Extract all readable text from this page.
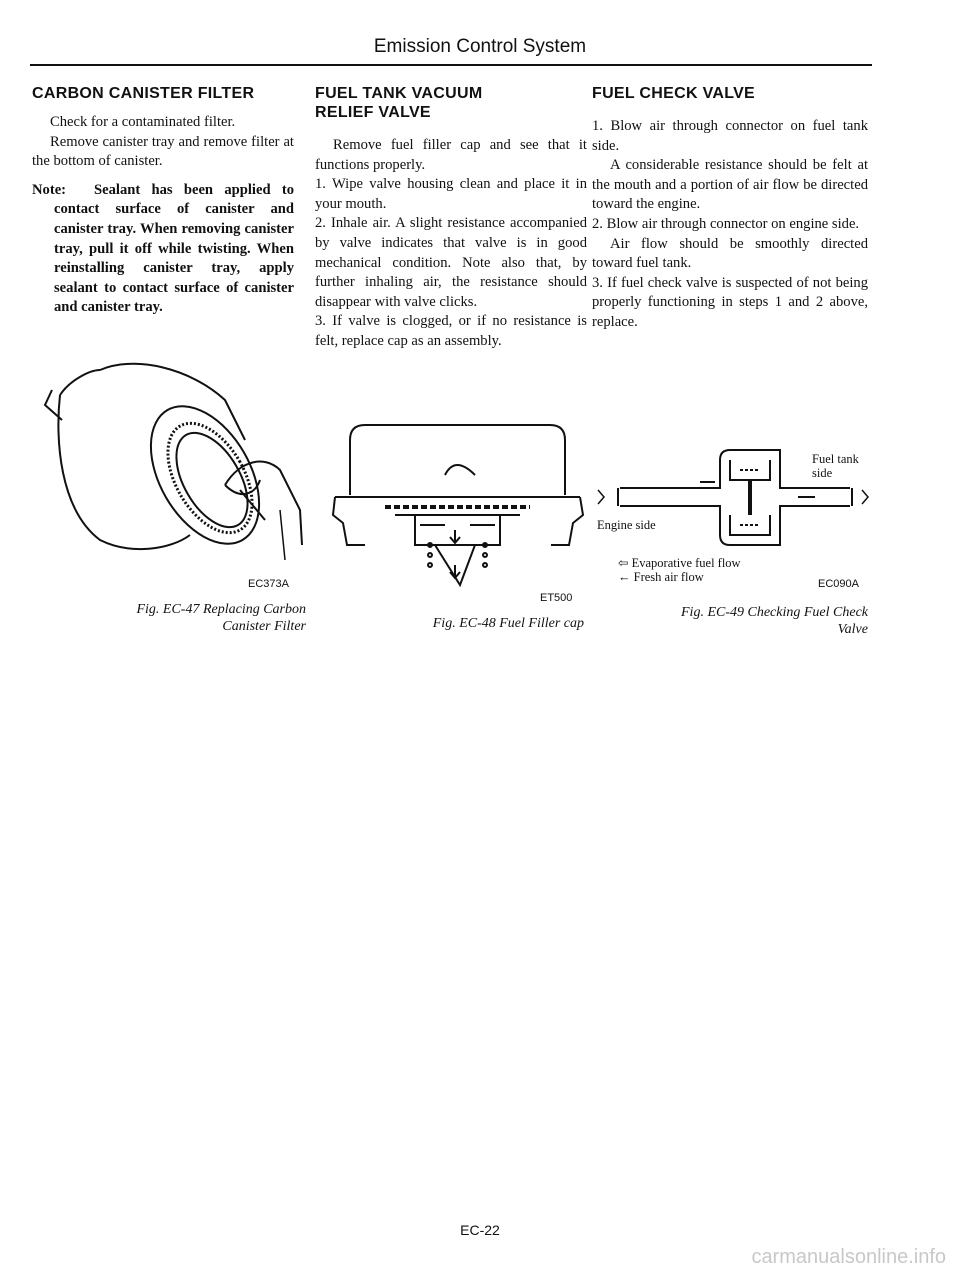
Emission Control System
CARBON CANISTER FILTER

Check for a contaminated filter.

Remove canister tray and remove filter at the bottom of canister.

Note:	Sealant has been applied to contact surface of canister and canister tray. When removing canister tray, pull it off while twisting. When reinstalling canister tray, apply sealant to contact surface of canister and canister tray.

EC373A
Fig. EC-47 Replacing Carbon
Canister Filter
FUEL TANK VACUUM
RELIEF VALVE

Remove fuel filler cap and see that it functions properly.

1. Wipe valve housing clean and place it in your mouth.

2. Inhale air. A slight resistance accompanied by valve indicates that valve is in good mechanical condition. Note also that, by further inhaling air, the resistance should disappear with valve clicks.

3. If valve is clogged, or if no resistance is felt, replace cap as an assembly.

ET500
Fig. EC-48 Fuel Filler cap
FUEL CHECK VALVE

1. Blow air through connector on fuel tank side.

A considerable resistance should be felt at the mouth and a portion of air flow be directed toward the engine.

2. Blow air through connector on engine side.

Air flow should be smoothly directed toward fuel tank.

3. If fuel check valve is suspected of not being properly functioning in steps 1 and 2 above, replace.

Fuel tank
side
Engine side
⇦ Evaporative fuel flow
← Fresh air flow	EC090A
Fig. EC-49 Checking Fuel Check
Valve
EC-22
carmanualsonline.info
